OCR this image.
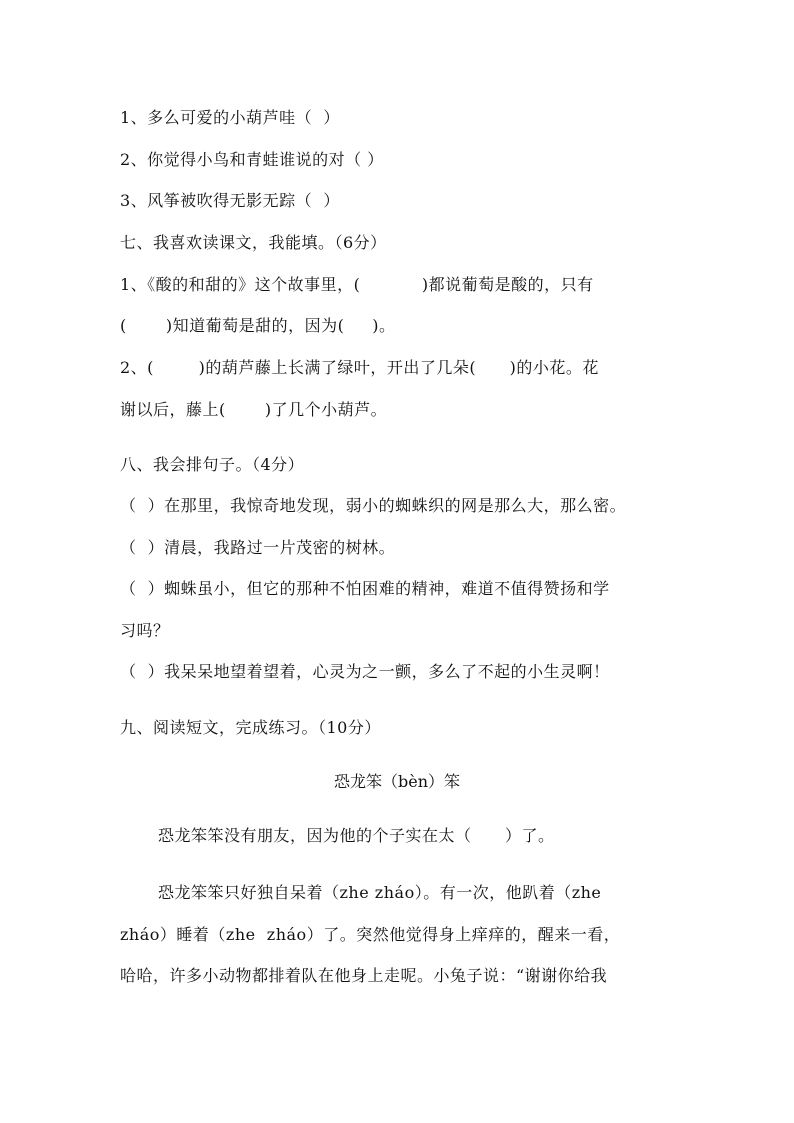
1、多么可爱的小葫芦哇（  ）
2、你觉得小鸟和青蛙谁说的对（ ）
3、风筝被吹得无影无踪（  ）
七、我喜欢读课文，我能填。（6分）
1、《酸的和甜的》这个故事里，(           )都说葡萄是酸的，只有
(       )知道葡萄是甜的，因为(     )。
2、(        )的葫芦藤上长满了绿叶，开出了几朵(      )的小花。花
谢以后，藤上(       )了几个小葫芦。
八、我会排句子。（4分）
（  ）在那里，我惊奇地发现，弱小的蜘蛛织的网是那么大，那么密。
（  ）清晨，我路过一片茂密的树林。
（  ）蜘蛛虽小，但它的那种不怕困难的精神，难道不值得赞扬和学
习吗？
（  ）我呆呆地望着望着，心灵为之一颤，多么了不起的小生灵啊！
九、阅读短文，完成练习。（10分）
恐龙笨（bèn）笨
恐龙笨笨没有朋友，因为他的个子实在太（      ）了。
恐龙笨笨只好独自呆着（zhe zháo）。有一次，他趴着（zhe
zháo）睡着（zhe  zháo）了。突然他觉得身上痒痒的，醒来一看，
哈哈，许多小动物都排着队在他身上走呢。小兔子说：“谢谢你给我
